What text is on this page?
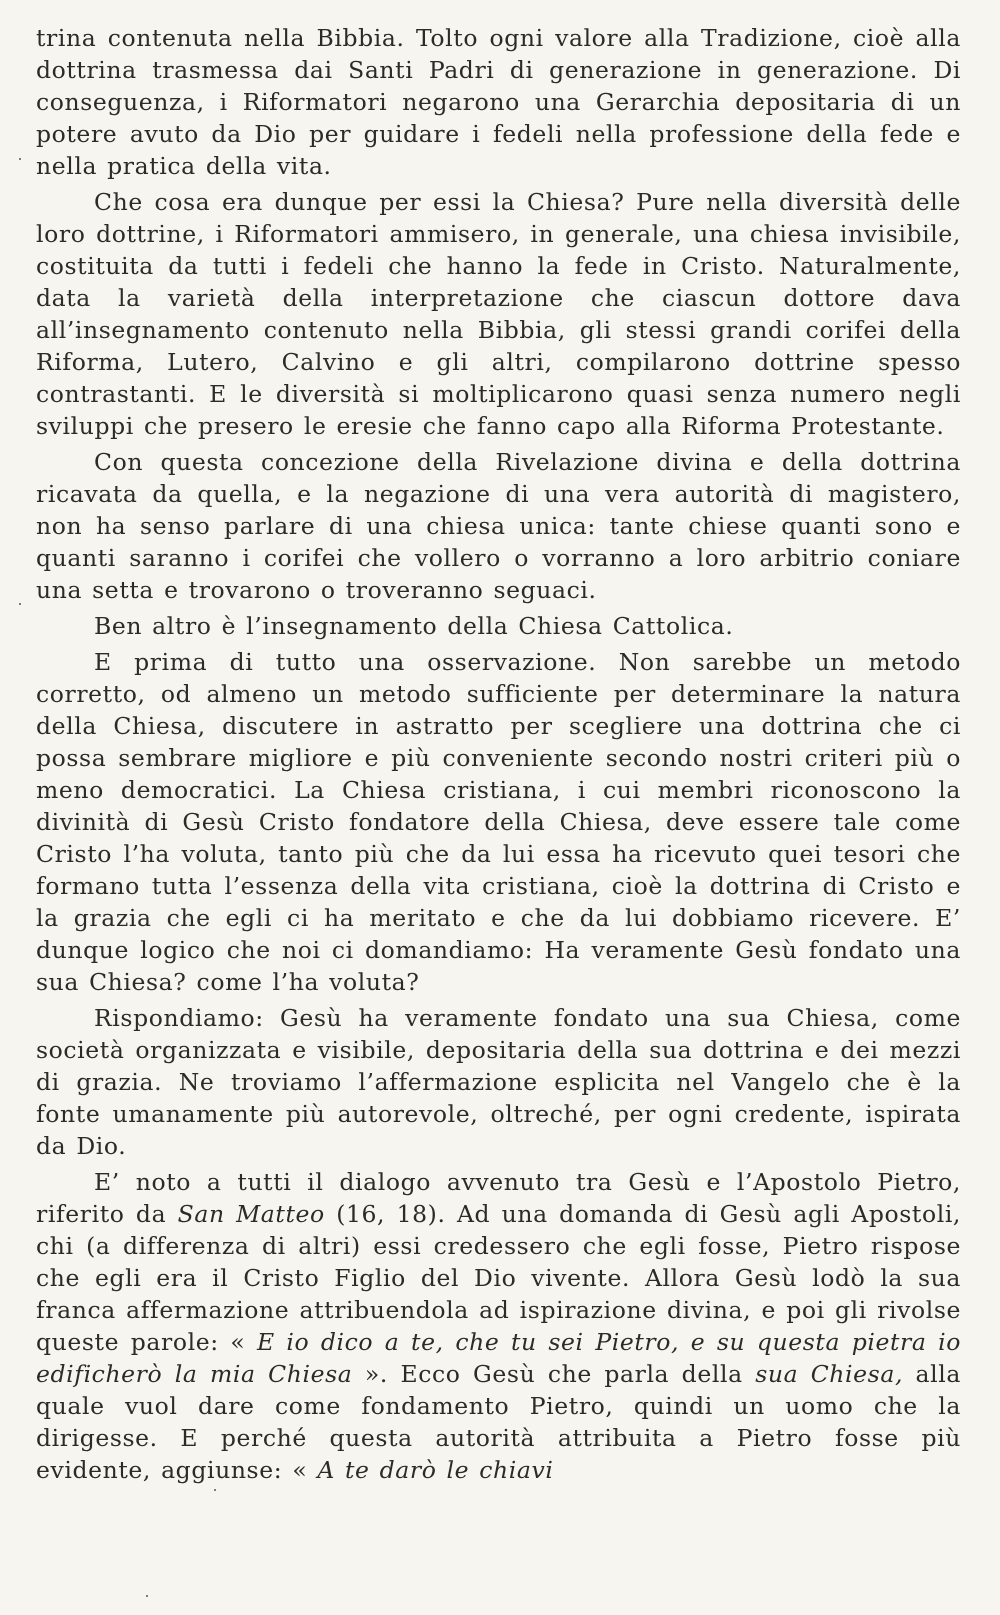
trina contenuta nella Bibbia. Tolto ogni valore alla Tradizione, cioè alla dottrina trasmessa dai Santi Padri di generazione in generazione. Di conseguenza, i Riformatori negarono una Gerarchia depositaria di un potere avuto da Dio per guidare i fedeli nella professione della fede e nella pratica della vita.

Che cosa era dunque per essi la Chiesa? Pure nella diversità delle loro dottrine, i Riformatori ammisero, in generale, una chiesa invisibile, costituita da tutti i fedeli che hanno la fede in Cristo. Naturalmente, data la varietà della interpretazione che ciascun dottore dava all’insegnamento contenuto nella Bibbia, gli stessi grandi corifei della Riforma, Lutero, Calvino e gli altri, compilarono dottrine spesso contrastanti. E le diversità si moltiplicarono quasi senza numero negli sviluppi che presero le eresie che fanno capo alla Riforma Protestante.

Con questa concezione della Rivelazione divina e della dottrina ricavata da quella, e la negazione di una vera autorità di magistero, non ha senso parlare di una chiesa unica: tante chiese quanti sono e quanti saranno i corifei che vollero o vorranno a loro arbitrio coniare una setta e trovarono o troveranno seguaci.

Ben altro è l’insegnamento della Chiesa Cattolica.

E prima di tutto una osservazione. Non sarebbe un metodo corretto, od almeno un metodo sufficiente per determinare la natura della Chiesa, discutere in astratto per scegliere una dottrina che ci possa sembrare migliore e più conveniente secondo nostri criteri più o meno democratici. La Chiesa cristiana, i cui membri riconoscono la divinità di Gesù Cristo fondatore della Chiesa, deve essere tale come Cristo l’ha voluta, tanto più che da lui essa ha ricevuto quei tesori che formano tutta l’essenza della vita cristiana, cioè la dottrina di Cristo e la grazia che egli ci ha meritato e che da lui dobbiamo ricevere. E’ dunque logico che noi ci domandiamo: Ha veramente Gesù fondato una sua Chiesa? come l’ha voluta?

Rispondiamo: Gesù ha veramente fondato una sua Chiesa, come società organizzata e visibile, depositaria della sua dottrina e dei mezzi di grazia. Ne troviamo l’affermazione esplicita nel Vangelo che è la fonte umanamente più autorevole, oltreché, per ogni credente, ispirata da Dio.

E’ noto a tutti il dialogo avvenuto tra Gesù e l’Apostolo Pietro, riferito da San Matteo (16, 18). Ad una domanda di Gesù agli Apostoli, chi (a differenza di altri) essi credessero che egli fosse, Pietro rispose che egli era il Cristo Figlio del Dio vivente. Allora Gesù lodò la sua franca affermazione attribuendola ad ispirazione divina, e poi gli rivolse queste parole: « E io dico a te, che tu sei Pietro, e su questa pietra io edificherò la mia Chiesa ». Ecco Gesù che parla della sua Chiesa, alla quale vuol dare come fondamento Pietro, quindi un uomo che la dirigesse. E perché questa autorità attribuita a Pietro fosse più evidente, aggiunse: « A te darò le chiavi
